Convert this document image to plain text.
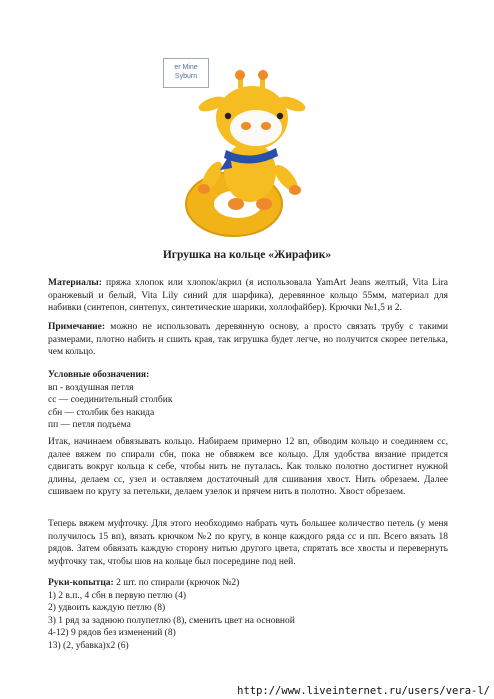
er Mine
Syburn
Игрушка на кольце «Жирафик»
Материалы: пряжа хлопок или хлопок/акрил (я использовала YamArt Jeans желтый, Vita Lira оранжевый и белый, Vita Lily синий для шарфика), деревянное кольцо 55мм, материал для набивки (синтепон, синтепух, синтетические шарики, холлофайбер). Крючки №1,5 и 2.
Примечание: можно не использовать деревянную основу, а просто связать трубу с такими размерами, плотно набить и сшить края, так игрушка будет легче, но получится скорее петелька, чем кольцо.
Условные обозначения:
вп - воздушная петля
сс — соединительный столбик
сбн — столбик без накида
пп — петля подъема
Итак, начинаем обвязывать кольцо. Набираем примерно 12 вп, обводим кольцо и соединяем сс, далее вяжем по спирали сбн, пока не обвяжем все кольцо. Для удобства вязание придется сдвигать вокруг кольца к себе, чтобы нить не путалась. Как только полотно достигнет нужной длины, делаем сс, узел и оставляем достаточный для сшивания хвост. Нить обрезаем. Далее сшиваем по кругу за петельки, делаем узелок и прячем нить в полотно. Хвост обрезаем.
Теперь вяжем муфточку. Для этого необходимо набрать чуть большее количество петель (у меня получилось 15 вп), вязать крючком №2 по кругу, в конце каждого ряда сс и пп. Всего вязать 18 рядов. Затем обвязать каждую сторону нитью другого цвета, спрятать все хвосты и перевернуть муфточку так, чтобы шов на кольце был посередине под ней.
Руки-копытца: 2 шт. по спирали (крючок №2)
1) 2 в.п., 4 сбн в первую петлю (4)
2) удвоить каждую петлю (8)
3) 1 ряд за заднюю полупетлю (8), сменить цвет на основной
4-12) 9 рядов без изменений (8)
13) (2, убавка)х2 (6)
http://www.liveinternet.ru/users/vera-l/
